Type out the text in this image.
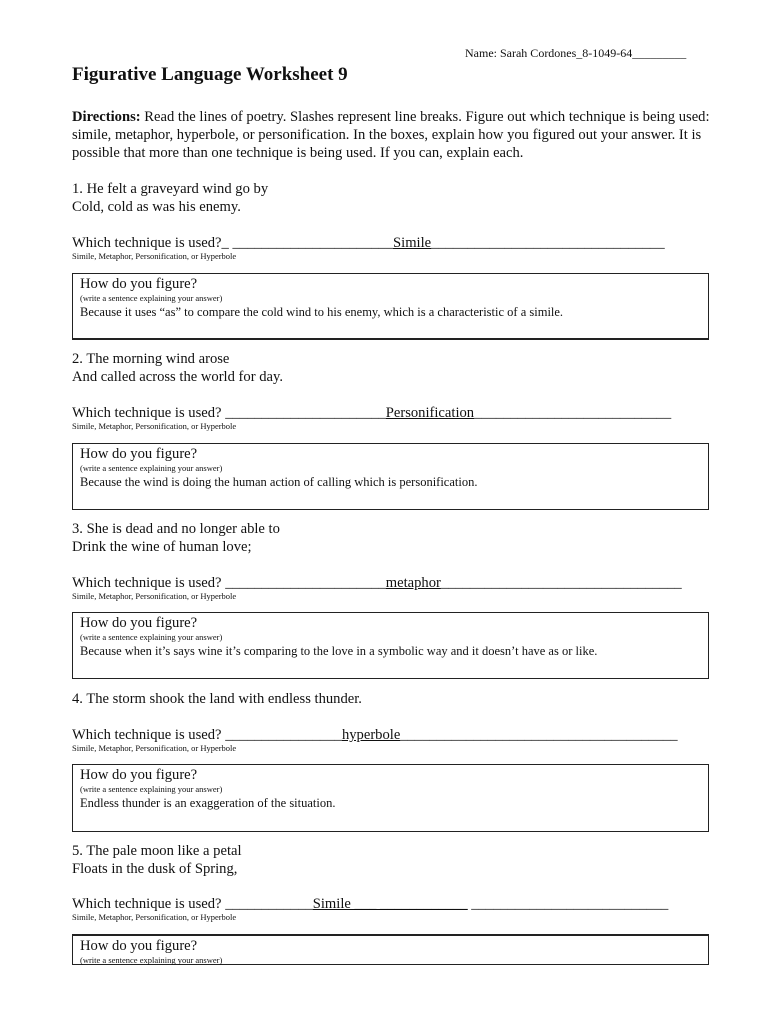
Name: Sarah Cordones_8-1049-64_________
Figurative Language Worksheet 9

Directions: Read the lines of poetry. Slashes represent line breaks. Figure out which technique is being used: simile, metaphor, hyperbole, or personification. In the boxes, explain how you figured out your answer. It is possible that more than one technique is being used. If you can, explain each.

1. He felt a graveyard wind go by

Cold, cold as was his enemy.

Which technique is used?_ ______________________Simile________________________________
Simile, Metaphor, Personification, or Hyperbole
How do you figure?
(write a sentence explaining your answer)
Because it uses “as” to compare the cold wind to his enemy, which is a characteristic of a simile.

2. The morning wind arose

And called across the world for day.

Which technique is used? ______________________Personification___________________________
Simile, Metaphor, Personification, or Hyperbole
How do you figure?
(write a sentence explaining your answer)
Because the wind is doing the human action of calling which is personification.

3. She is dead and no longer able to

Drink the wine of human love;

Which technique is used? ______________________metaphor_________________________________
Simile, Metaphor, Personification, or Hyperbole
How do you figure?
(write a sentence explaining your answer)
Because when it’s says wine it’s comparing to the love in a symbolic way and it doesn’t have as or like.

4. The storm shook the land with endless thunder.

Which technique is used? ________________hyperbole______________________________________
Simile, Metaphor, Personification, or Hyperbole
How do you figure?
(write a sentence explaining your answer)
Endless thunder is an exaggeration of the situation.

5. The pale moon like a petal

Floats in the dusk of Spring,

Which technique is used? ____________Simile ___ ____________ ___________________________
Simile, Metaphor, Personification, or Hyperbole
How do you figure?
(write a sentence explaining your answer)
